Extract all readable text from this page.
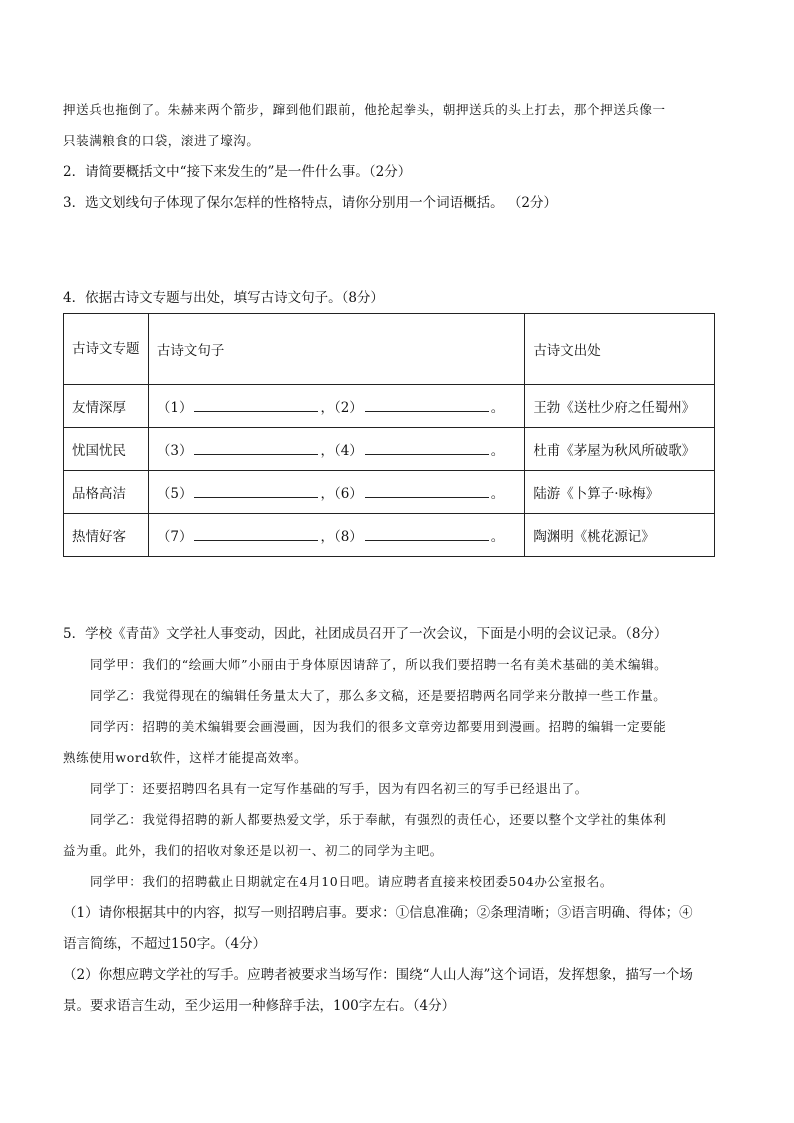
押送兵也拖倒了。朱赫来两个箭步，蹿到他们跟前，他抡起拳头，朝押送兵的头上打去，那个押送兵像一
只装满粮食的口袋，滚进了壕沟。
2．请简要概括文中“接下来发生的”是一件什么事。（2分）
3．选文划线句子体现了保尔怎样的性格特点，请你分别用一个词语概括。 （2分）
4．依据古诗文专题与出处，填写古诗文句子。（8分）
古诗文专题	古诗文句子	古诗文出处
友情深厚	（1） ，（2） 。	王勃《送杜少府之任蜀州》
忧国忧民	（3） ，（4） 。	杜甫《茅屋为秋风所破歌》
品格高洁	（5） ，（6） 。	陆游《卜算子·咏梅》
热情好客	（7） ，（8） 。	陶渊明《桃花源记》
5．学校《青苗》文学社人事变动，因此，社团成员召开了一次会议，下面是小明的会议记录。（8分）
同学甲：我们的“绘画大师”小丽由于身体原因请辞了，所以我们要招聘一名有美术基础的美术编辑。
同学乙：我觉得现在的编辑任务量太大了，那么多文稿，还是要招聘两名同学来分散掉一些工作量。
同学丙：招聘的美术编辑要会画漫画，因为我们的很多文章旁边都要用到漫画。招聘的编辑一定要能
熟练使用word软件，这样才能提高效率。
同学丁：还要招聘四名具有一定写作基础的写手，因为有四名初三的写手已经退出了。
同学乙：我觉得招聘的新人都要热爱文学，乐于奉献，有强烈的责任心，还要以整个文学社的集体利
益为重。此外，我们的招收对象还是以初一、初二的同学为主吧。
同学甲：我们的招聘截止日期就定在4月10日吧。请应聘者直接来校团委504办公室报名。
（1）请你根据其中的内容，拟写一则招聘启事。要求：①信息准确；②条理清晰；③语言明确、得体；④
语言简练，不超过150字。（4分）
（2）你想应聘文学社的写手。应聘者被要求当场写作：围绕“人山人海”这个词语，发挥想象，描写一个场
景。要求语言生动，至少运用一种修辞手法，100字左右。（4分）
